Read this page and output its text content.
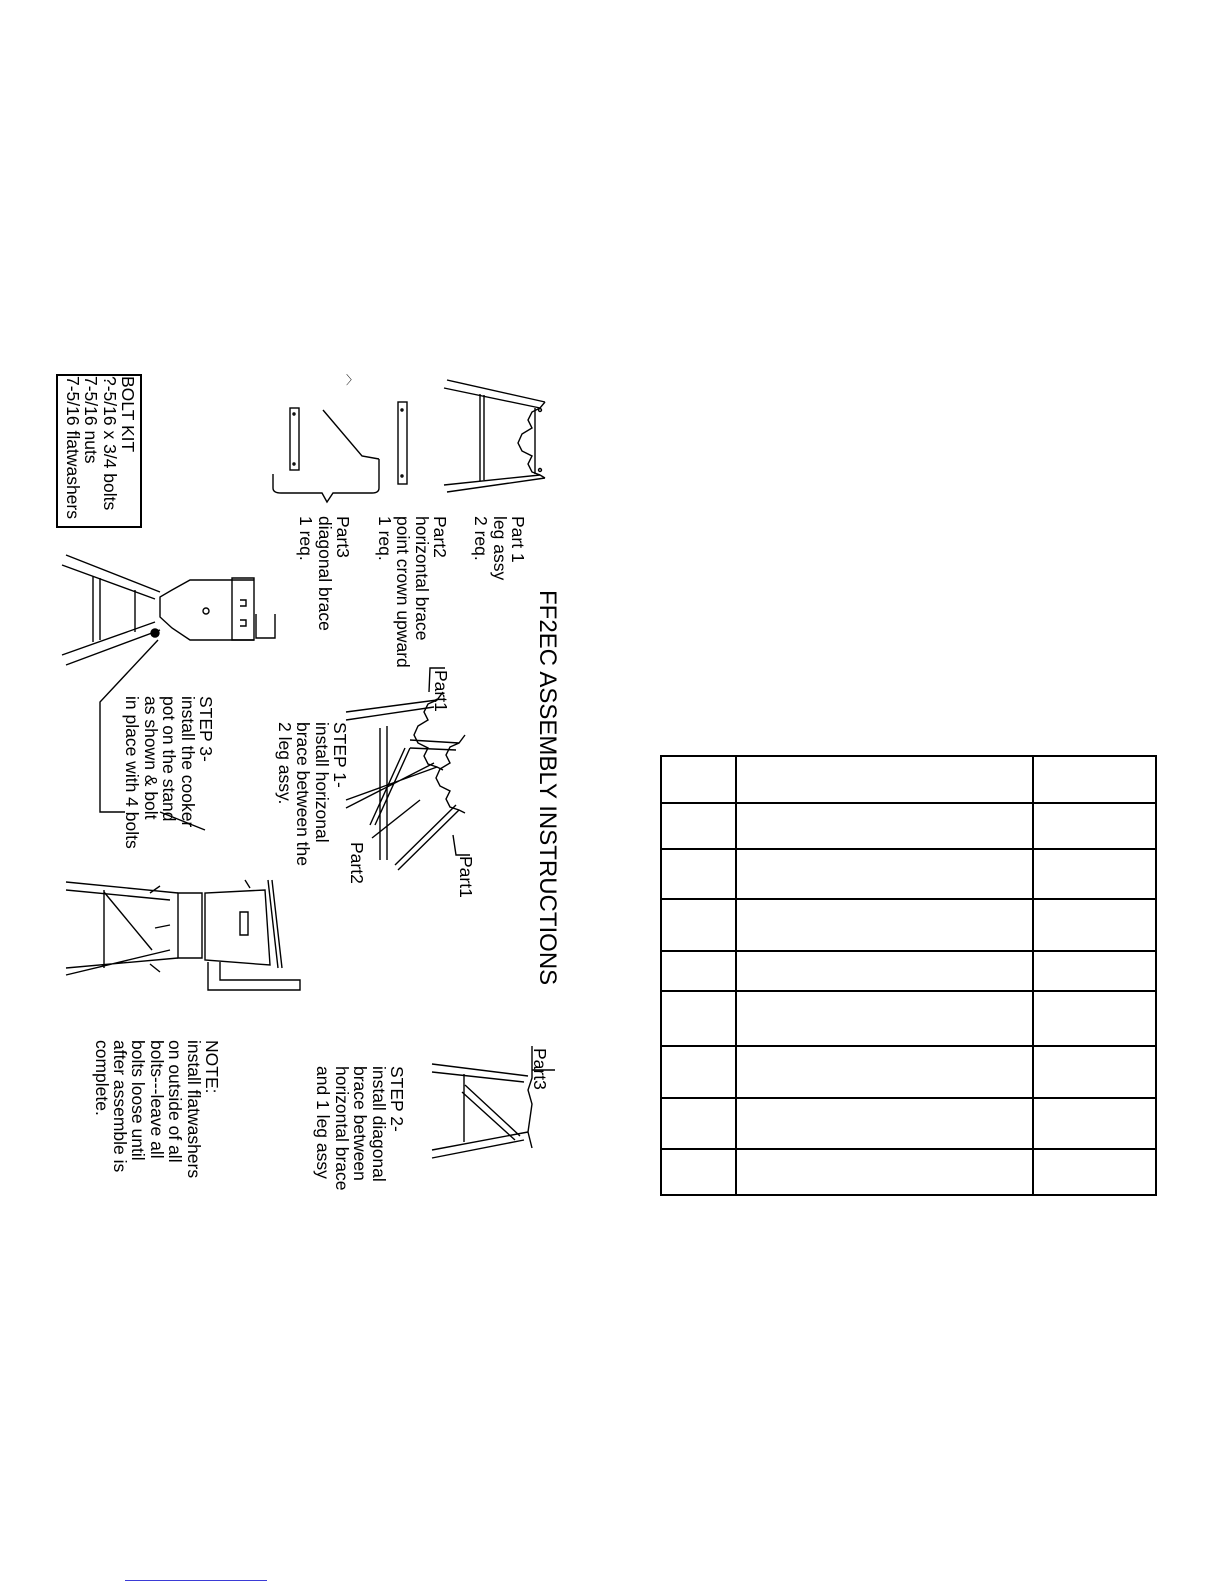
FF2EC ASSEMBLY INSTRUCTIONS
Part 1
leg assy
2 req.
Part2
horizontal brace
point crown upward
1 req.
Part3
diagonal brace
1 req.
BOLT KIT
?-5/16 x 3/4 bolts
7-5/16 nuts
7-5/16 flatwashers
STEP 1-
install horizonal
brace between the
2 leg assy.
STEP 2-
install diagonal
brace between
horizontal brace
and 1 leg assy
STEP 3-
install the cooker
pot on the stand
as shown & bolt
in place with 4 bolts
NOTE:
install flatwashers
on outside of all
bolts---leave all
bolts loose until
after assemble is
complete.
Part1
Part1
Part2
Part3
〉
